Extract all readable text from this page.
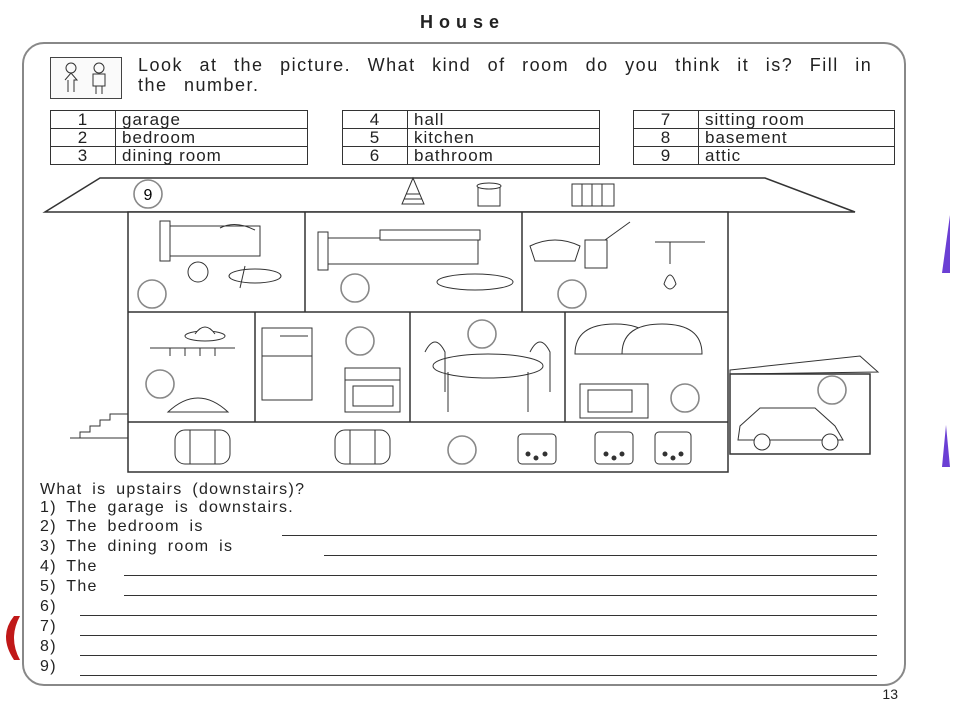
House
Look at the picture. What kind of room do you think it is? Fill in the number.
1	garage
2	bedroom
3	dining room
4	hall
5	kitchen
6	bathroom
7	sitting room
8	basement
9	attic
9
What is upstairs (downstairs)?
1) The garage is downstairs.
2) The bedroom is
3) The dining room is
4) The
5) The
6)
7)
8)
9)
13
